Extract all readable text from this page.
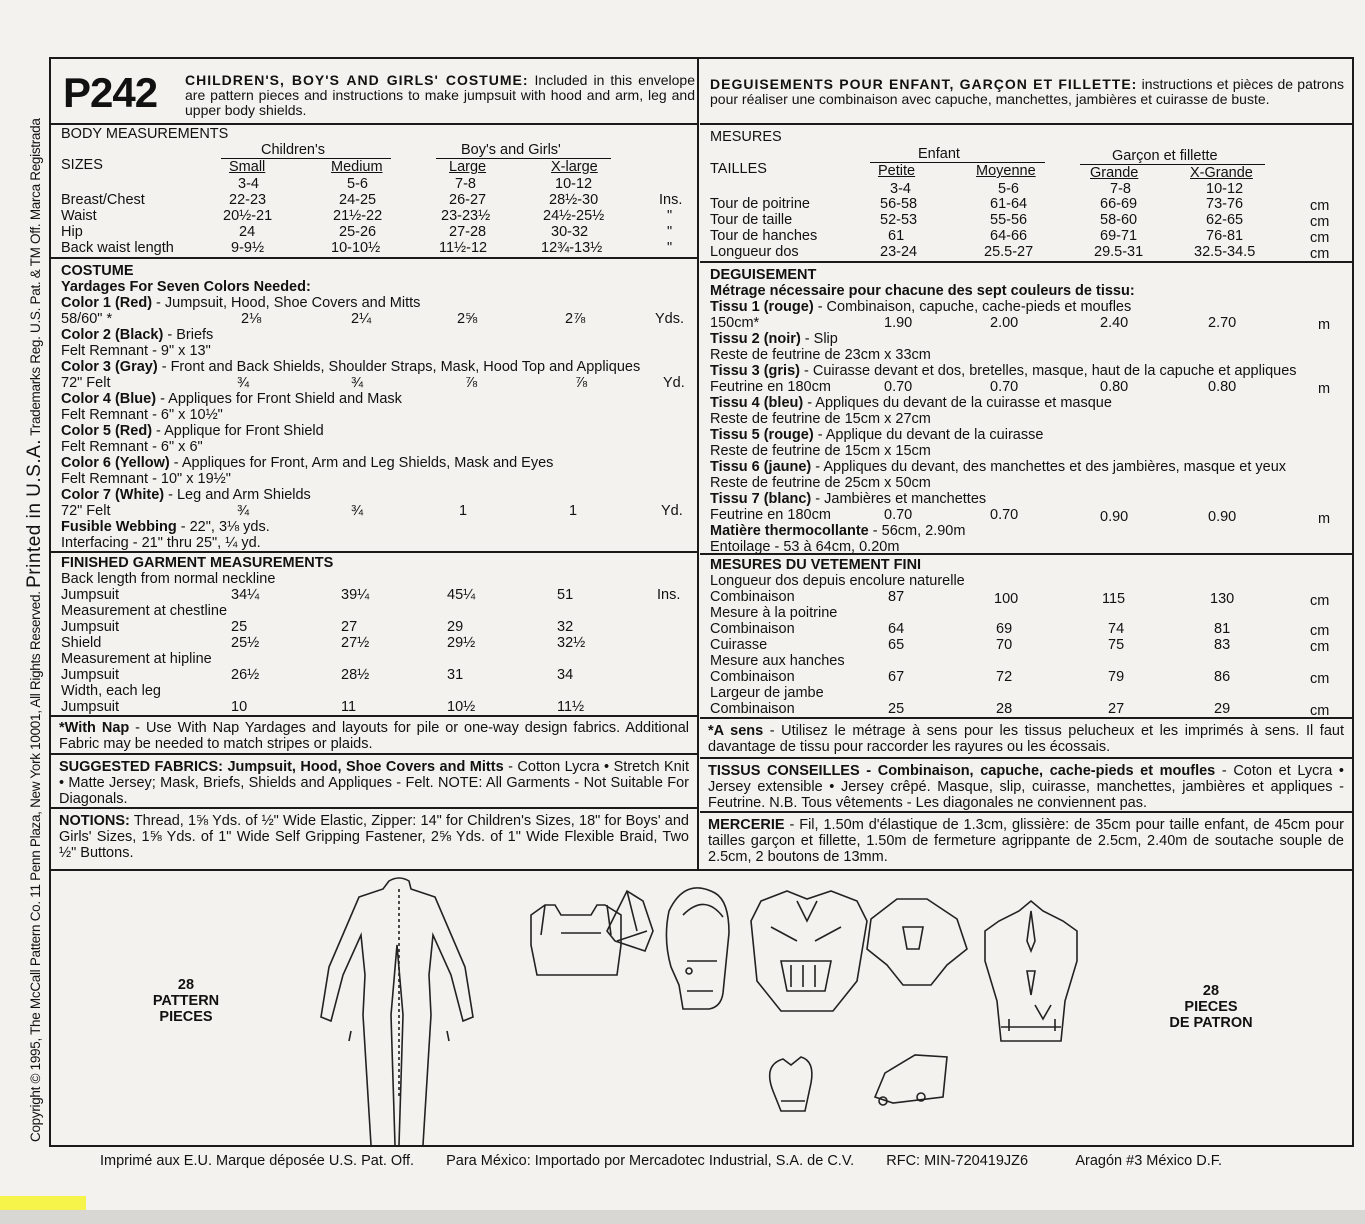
Copyright © 1995, The McCall Pattern Co. 11 Penn Plaza, New York 10001, All Rights Reserved. Printed in U.S.A. Trademarks Reg. U.S. Pat. & TM Off. Marca Registrada
P242 CHILDREN'S, BOY'S AND GIRLS' COSTUME: Included in this envelope are pattern pieces and instructions to make jumpsuit with hood and arm, leg and upper body shields.
BODY MEASUREMENTS
SIZES
Children's	Boy's and Girls'
Small	Medium	Large	X-large
3-4	5-6	7-8	10-12
Breast/Chest	22-23	24-25	26-27	28½-30	Ins.
Waist	20½-21	21½-22	23-23½	24½-25½	"
Hip	24	25-26	27-28	30-32	"
Back waist length	9-9½	10-10½	11½-12	12¾-13½	"
COSTUME
Yardages For Seven Colors Needed:
Color 1 (Red) - Jumpsuit, Hood, Shoe Covers and Mitts
58/60" *	2⅛	2¼	2⅝	2⅞	Yds.
Color 2 (Black) - Briefs
Felt Remnant - 9" x 13"
Color 3 (Gray) - Front and Back Shields, Shoulder Straps, Mask, Hood Top and Appliques
72" Felt	¾	¾	⅞	⅞	Yd.
Color 4 (Blue) - Appliques for Front Shield and Mask
Felt Remnant - 6" x 10½"
Color 5 (Red) - Applique for Front Shield
Felt Remnant - 6" x 6"
Color 6 (Yellow) - Appliques for Front, Arm and Leg Shields, Mask and Eyes
Felt Remnant - 10" x 19½"
Color 7 (White) - Leg and Arm Shields
72" Felt	¾	¾	1	1	Yd.
Fusible Webbing - 22", 3⅛ yds.
Interfacing - 21" thru 25", ¼ yd.
FINISHED GARMENT MEASUREMENTS
Back length from normal neckline
Jumpsuit	34¼	39¼	45¼	51	Ins.
Measurement at chestline
Jumpsuit	25	27	29	32
Shield	25½	27½	29½	32½
Measurement at hipline
Jumpsuit	26½	28½	31	34
Width, each leg
Jumpsuit	10	11	10½	11½
*With Nap - Use With Nap Yardages and layouts for pile or one-way design fabrics. Additional Fabric may be needed to match stripes or plaids.
SUGGESTED FABRICS: Jumpsuit, Hood, Shoe Covers and Mitts - Cotton Lycra • Stretch Knit • Matte Jersey; Mask, Briefs, Shields and Appliques - Felt. NOTE: All Garments - Not Suitable For Diagonals.
NOTIONS: Thread, 1⅝ Yds. of ½" Wide Elastic, Zipper: 14" for Children's Sizes, 18" for Boys' and Girls' Sizes, 1⅝ Yds. of 1" Wide Self Gripping Fastener, 2⅝ Yds. of 1" Wide Flexible Braid, Two ½" Buttons.
DEGUISEMENTS POUR ENFANT, GARÇON ET FILLETTE: instructions et pièces de patrons pour réaliser une combinaison avec capuche, manchettes, jambières et cuirasse de buste.
MESURES
TAILLES
Enfant	Garçon et fillette
Petite	Moyenne	Grande	X-Grande
3-4	5-6	7-8	10-12
Tour de poitrine	56-58	61-64	66-69	73-76	cm
Tour de taille	52-53	55-56	58-60	62-65	cm
Tour de hanches	61	64-66	69-71	76-81	cm
Longueur dos	23-24	25.5-27	29.5-31	32.5-34.5	cm
DEGUISEMENT
Métrage nécessaire pour chacune des sept couleurs de tissu:
Tissu 1 (rouge) - Combinaison, capuche, cache-pieds et moufles
150cm*	1.90	2.00	2.40	2.70	m
Tissu 2 (noir) - Slip
Reste de feutrine de 23cm x 33cm
Tissu 3 (gris) - Cuirasse devant et dos, bretelles, masque, haut de la capuche et appliques
Feutrine en 180cm	0.70	0.70	0.80	0.80	m
Tissu 4 (bleu) - Appliques du devant de la cuirasse et masque
Reste de feutrine de 15cm x 27cm
Tissu 5 (rouge) - Applique du devant de la cuirasse
Reste de feutrine de 15cm x 15cm
Tissu 6 (jaune) - Appliques du devant, des manchettes et des jambières, masque et yeux
Reste de feutrine de 25cm x 50cm
Tissu 7 (blanc) - Jambières et manchettes
Feutrine en 180cm	0.70	0.70	0.90	0.90	m
Matière thermocollante - 56cm, 2.90m
Entoilage - 53 à 64cm, 0.20m
MESURES DU VETEMENT FINI
Longueur dos depuis encolure naturelle
Combinaison	87	100	115	130	cm
Mesure à la poitrine
Combinaison	64	69	74	81	cm
Cuirasse	65	70	75	83	cm
Mesure aux hanches
Combinaison	67	72	79	86	cm
Largeur de jambe
Combinaison	25	28	27	29	cm
*A sens - Utilisez le métrage à sens pour les tissus pelucheux et les imprimés à sens. Il faut davantage de tissu pour raccorder les rayures ou les écossais.
TISSUS CONSEILLES - Combinaison, capuche, cache-pieds et moufles - Coton et Lycra • Jersey extensible • Jersey crêpé. Masque, slip, cuirasse, manchettes, jambières et appliques - Feutrine. N.B. Tous vêtements - Les diagonales ne conviennent pas.
MERCERIE - Fil, 1.50m d'élastique de 1.3cm, glissière: de 35cm pour taille enfant, de 45cm pour tailles garçon et fillette, 1.50m de fermeture agrippante de 2.5cm, 2.40m de soutache souple de 2.5cm, 2 boutons de 13mm.
28
PATTERN
PIECES
28
PIECES
DE PATRON
Imprimé aux E.U. Marque déposée U.S. Pat. Off. Para México: Importado por Mercadotec Industrial, S.A. de C.V. RFC: MIN-720419JZ6	Aragón #3 México D.F.
